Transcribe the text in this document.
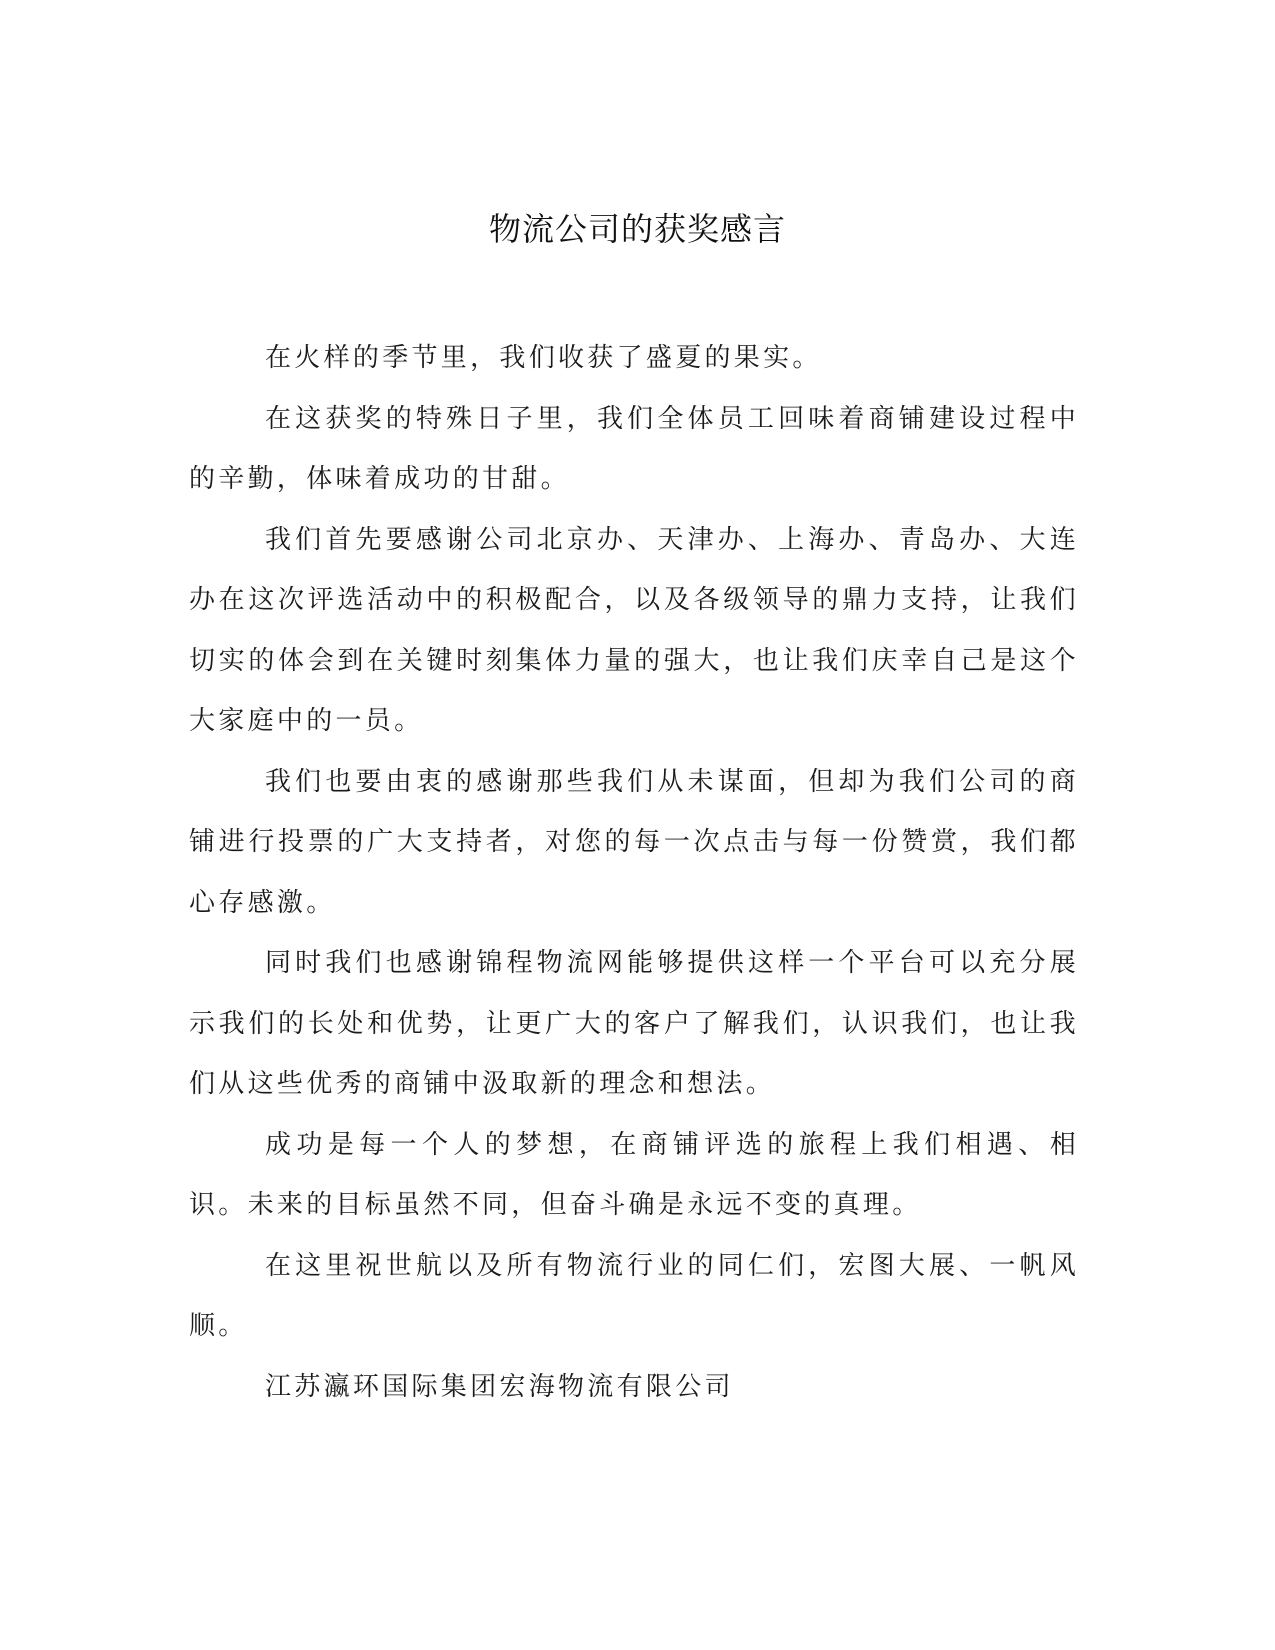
物流公司的获奖感言

在火样的季节里，我们收获了盛夏的果实。

在这获奖的特殊日子里，我们全体员工回味着商铺建设过程中的辛勤，体味着成功的甘甜。

我们首先要感谢公司北京办、天津办、上海办、青岛办、大连办在这次评选活动中的积极配合，以及各级领导的鼎力支持，让我们切实的体会到在关键时刻集体力量的强大，也让我们庆幸自己是这个大家庭中的一员。

我们也要由衷的感谢那些我们从未谋面，但却为我们公司的商铺进行投票的广大支持者，对您的每一次点击与每一份赞赏，我们都心存感激。

同时我们也感谢锦程物流网能够提供这样一个平台可以充分展示我们的长处和优势，让更广大的客户了解我们，认识我们，也让我们从这些优秀的商铺中汲取新的理念和想法。

成功是每一个人的梦想，在商铺评选的旅程上我们相遇、相识。未来的目标虽然不同，但奋斗确是永远不变的真理。

在这里祝世航以及所有物流行业的同仁们，宏图大展、一帆风顺。

江苏瀛环国际集团宏海物流有限公司
